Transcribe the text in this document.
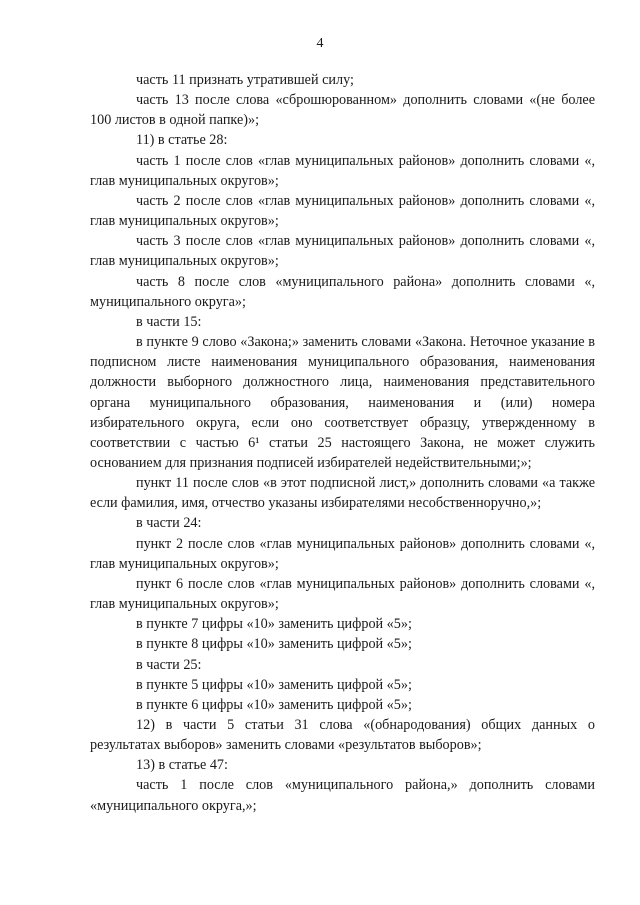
4

часть 11 признать утратившей силу;

часть 13 после слова «сброшюрованном» дополнить словами «(не более 100 листов в одной папке)»;

11) в статье 28:

часть 1 после слов «глав муниципальных районов» дополнить словами «, глав муниципальных округов»;

часть 2 после слов «глав муниципальных районов» дополнить словами «, глав муниципальных округов»;

часть 3 после слов «глав муниципальных районов» дополнить словами «, глав муниципальных округов»;

часть 8 после слов «муниципального района» дополнить словами «, муниципального округа»;

в части 15:

в пункте 9 слово «Закона;» заменить словами «Закона. Неточное указание в подписном листе наименования муниципального образования, наименования должности выборного должностного лица, наименования представительного органа муниципального образования, наименования и (или) номера избирательного округа, если оно соответствует образцу, утвержденному в соответствии с частью 6¹ статьи 25 настоящего Закона, не может служить основанием для признания подписей избирателей недействительными;»;

пункт 11 после слов «в этот подписной лист,» дополнить словами «а также если фамилия, имя, отчество указаны избирателями несобственноручно,»;

в части 24:

пункт 2 после слов «глав муниципальных районов» дополнить словами «, глав муниципальных округов»;

пункт 6 после слов «глав муниципальных районов» дополнить словами «, глав муниципальных округов»;

в пункте 7 цифры «10» заменить цифрой «5»;

в пункте 8 цифры «10» заменить цифрой «5»;

в части 25:

в пункте 5 цифры «10» заменить цифрой «5»;

в пункте 6 цифры «10» заменить цифрой «5»;

12) в части 5 статьи 31 слова «(обнародования) общих данных о результатах выборов» заменить словами «результатов выборов»;

13) в статье 47:

часть 1 после слов «муниципального района,» дополнить словами «муниципального округа,»;
